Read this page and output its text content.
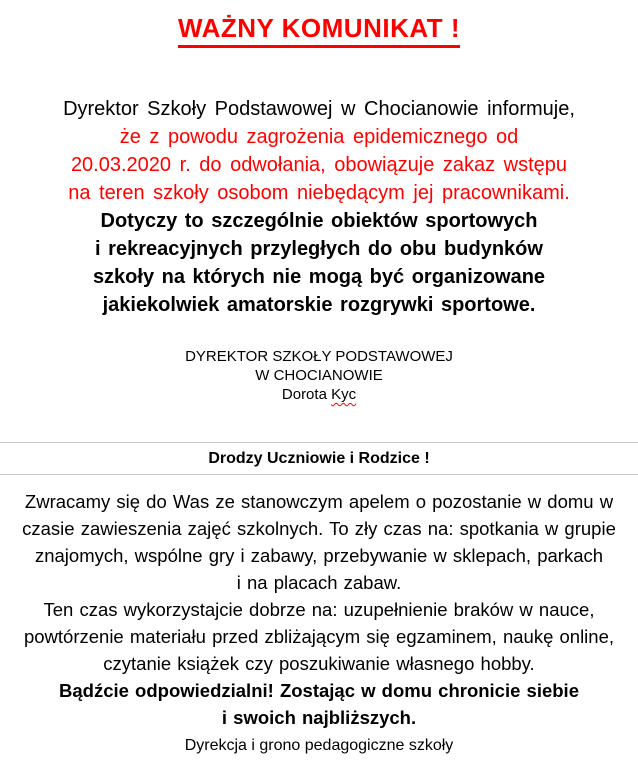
WAŻNY KOMUNIKAT !
Dyrektor Szkoły Podstawowej w Chocianowie informuje,
że z powodu zagrożenia epidemicznego od
20.03.2020 r. do odwołania, obowiązuje zakaz wstępu
na teren szkoły osobom niebędącym jej pracownikami.
Dotyczy to szczególnie obiektów sportowych
i rekreacyjnych przyległych do obu budynków
szkoły na których nie mogą być organizowane
jakiekolwiek amatorskie rozgrywki sportowe.
DYREKTOR SZKOŁY PODSTAWOWEJ
W CHOCIANOWIE
Dorota Kyc
Drodzy Uczniowie i Rodzice !
Zwracamy się do Was ze stanowczym apelem o pozostanie w domu w
czasie zawieszenia zajęć szkolnych. To zły czas na: spotkania w grupie
znajomych, wspólne gry i zabawy, przebywanie w sklepach, parkach
i na placach zabaw.
Ten czas wykorzystajcie dobrze na: uzupełnienie braków w nauce,
powtórzenie materiału przed zbliżającym się egzaminem, naukę online,
czytanie książek czy poszukiwanie własnego hobby.
Bądźcie odpowiedzialni! Zostając w domu chronicie siebie
i swoich najbliższych.
Dyrekcja i grono pedagogiczne szkoły
